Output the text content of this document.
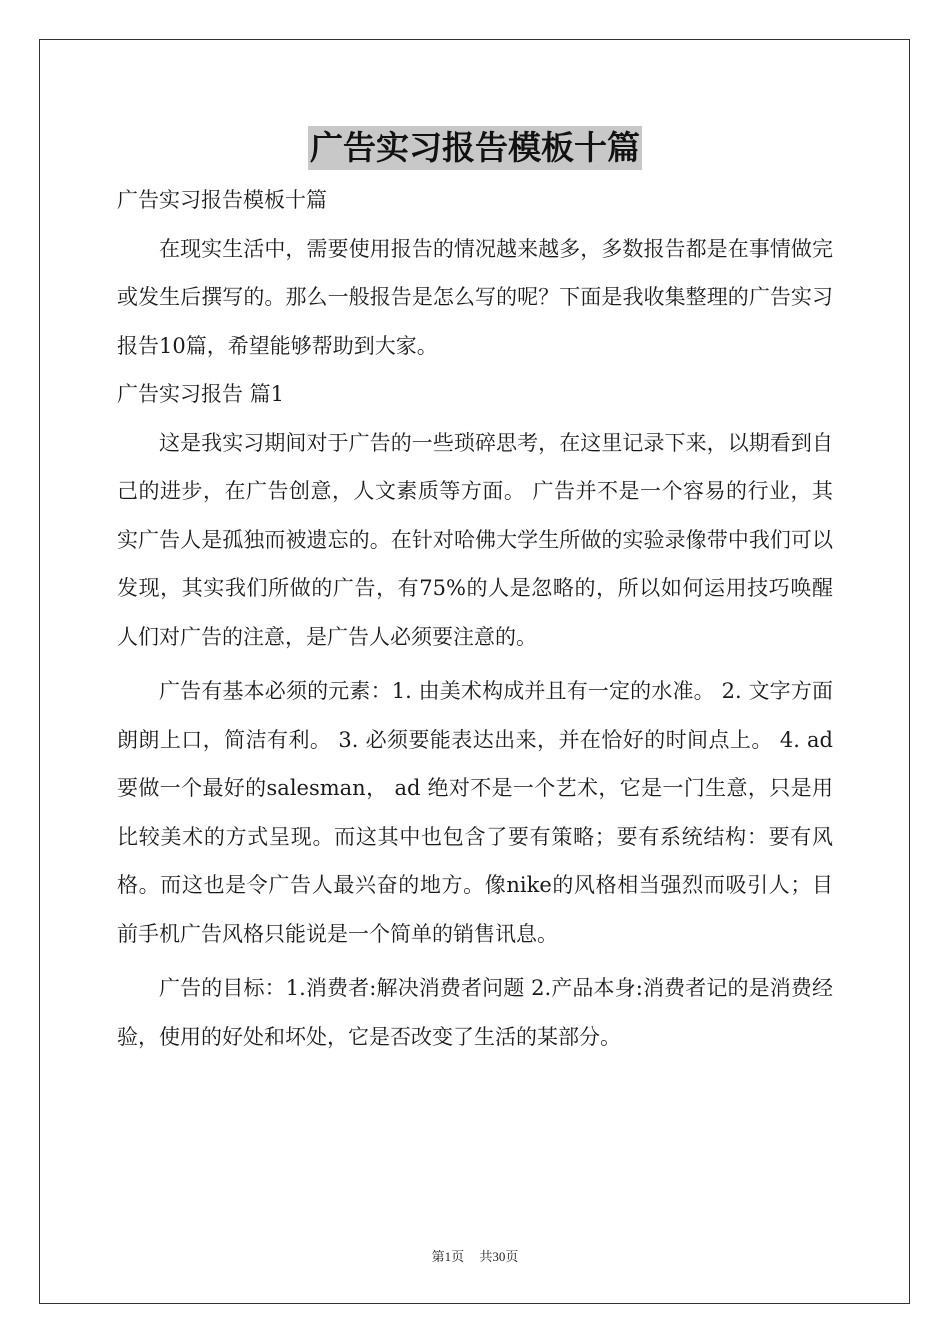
广告实习报告模板十篇

广告实习报告模板十篇

在现实生活中，需要使用报告的情况越来越多，多数报告都是在事情做完或发生后撰写的。那么一般报告是怎么写的呢？下面是我收集整理的广告实习报告10篇，希望能够帮助到大家。

广告实习报告 篇1

这是我实习期间对于广告的一些琐碎思考，在这里记录下来，以期看到自己的进步，在广告创意，人文素质等方面。 广告并不是一个容易的行业，其实广告人是孤独而被遗忘的。在针对哈佛大学生所做的实验录像带中我们可以发现，其实我们所做的广告，有75%的人是忽略的，所以如何运用技巧唤醒人们对广告的注意，是广告人必须要注意的。

广告有基本必须的元素：1. 由美术构成并且有一定的水准。 2. 文字方面朗朗上口，简洁有利。 3. 必须要能表达出来，并在恰好的时间点上。 4. ad要做一个最好的salesman， ad 绝对不是一个艺术，它是一门生意，只是用比较美术的方式呈现。而这其中也包含了要有策略；要有系统结构：要有风格。而这也是令广告人最兴奋的地方。像nike的风格相当强烈而吸引人；目前手机广告风格只能说是一个简单的销售讯息。

广告的目标：1.消费者:解决消费者问题 2.产品本身:消费者记的是消费经验，使用的好处和坏处，它是否改变了生活的某部分。

第1页 共30页
